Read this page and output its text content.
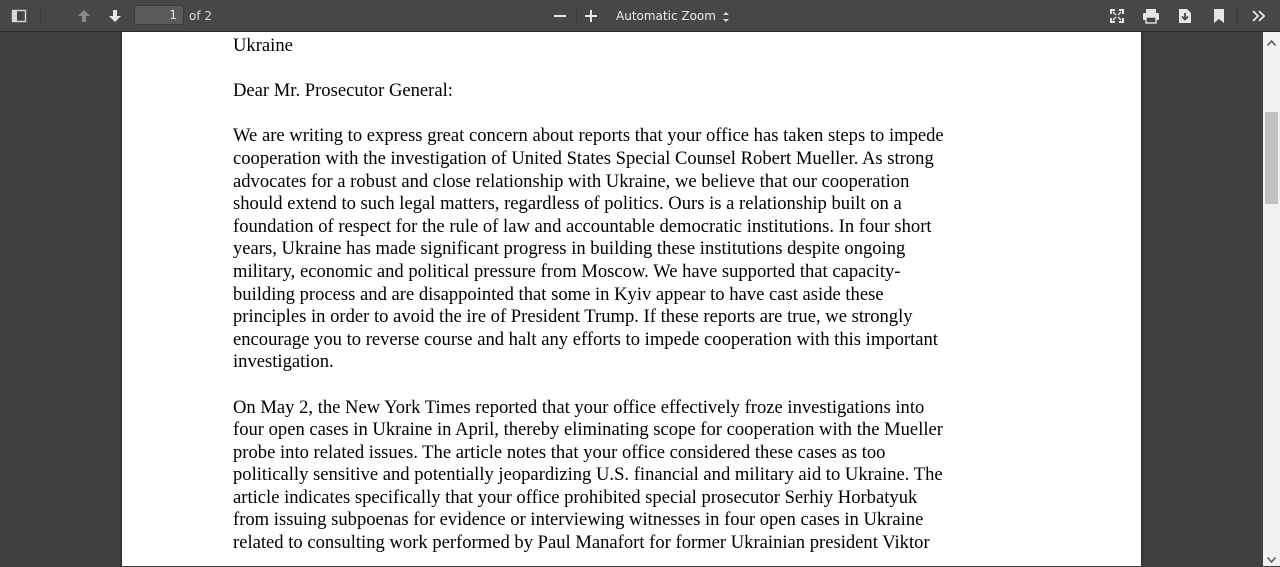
1
of 2	Automatic Zoom
Ukraine
Dear Mr. Prosecutor General:
We are writing to express great concern about reports that your office has taken steps to impede
cooperation with the investigation of United States Special Counsel Robert Mueller. As strong
advocates for a robust and close relationship with Ukraine, we believe that our cooperation
should extend to such legal matters, regardless of politics. Ours is a relationship built on a
foundation of respect for the rule of law and accountable democratic institutions. In four short
years, Ukraine has made significant progress in building these institutions despite ongoing
military, economic and political pressure from Moscow. We have supported that capacity-
building process and are disappointed that some in Kyiv appear to have cast aside these
principles in order to avoid the ire of President Trump. If these reports are true, we strongly
encourage you to reverse course and halt any efforts to impede cooperation with this important
investigation.
On May 2, the New York Times reported that your office effectively froze investigations into
four open cases in Ukraine in April, thereby eliminating scope for cooperation with the Mueller
probe into related issues. The article notes that your office considered these cases as too
politically sensitive and potentially jeopardizing U.S. financial and military aid to Ukraine. The
article indicates specifically that your office prohibited special prosecutor Serhiy Horbatyuk
from issuing subpoenas for evidence or interviewing witnesses in four open cases in Ukraine
related to consulting work performed by Paul Manafort for former Ukrainian president Viktor
